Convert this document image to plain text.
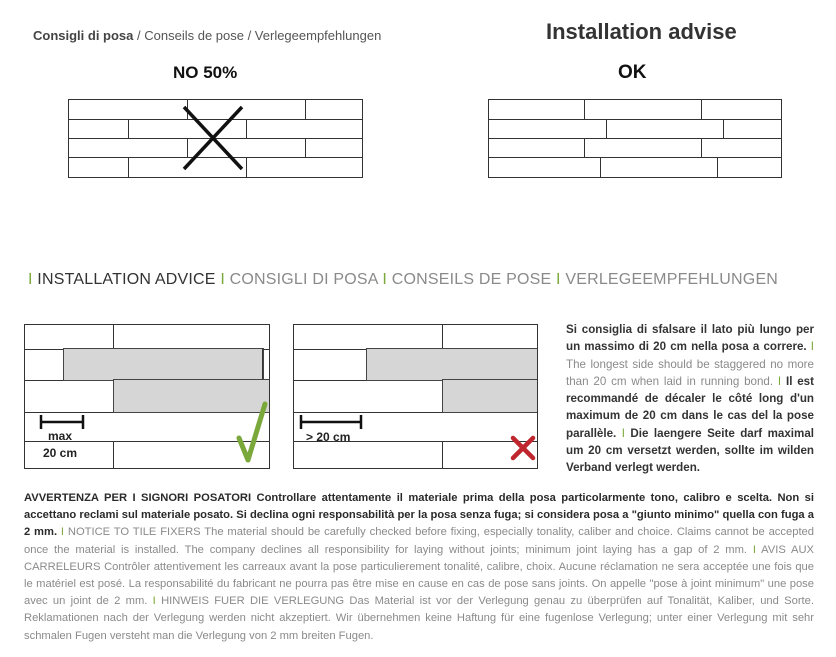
Consigli di posa / Conseils de pose / Verlegeempfehlungen	Installation advise
NO 50%	OK
I INSTALLATION ADVICE I CONSIGLI DI POSA I CONSEILS DE POSE I VERLEGEEMPFEHLUNGEN
max
20 cm
> 20 cm
Si consiglia di sfalsare il lato più lungo per un massimo di 20 cm nella posa a correre. I The longest side should be staggered no more than 20 cm when laid in running bond. I Il est recommandé de décaler le côté long d'un maximum de 20 cm dans le cas del la pose parallèle. I Die laengere Seite darf maximal um 20 cm versetzt werden, sollte im wilden Verband verlegt werden.
AVVERTENZA PER I SIGNORI POSATORI Controllare attentamente il materiale prima della posa particolarmente tono, calibro e scelta. Non si accettano reclami sul materiale posato. Si declina ogni responsabilità per la posa senza fuga; si considera posa a "giunto minimo" quella con fuga a 2 mm. I NOTICE TO TILE FIXERS The material should be carefully checked before fixing, especially tonality, caliber and choice. Claims cannot be accepted once the material is installed. The company declines all responsibility for laying without joints; minimum joint laying has a gap of 2 mm. I AVIS AUX CARRELEURS Contrôler attentivement les carreaux avant la pose particulierement tonalité, calibre, choix. Aucune réclamation ne sera acceptée une fois que le matériel est posé. La responsabilité du fabricant ne pourra pas être mise en cause en cas de pose sans joints. On appelle "pose à joint minimum" une pose avec un joint de 2 mm. I HINWEIS FUER DIE VERLEGUNG Das Material ist vor der Verlegung genau zu überprüfen auf Tonalität, Kaliber, und Sorte. Reklamationen nach der Verlegung werden nicht akzeptiert. Wir übernehmen keine Haftung für eine fugenlose Verlegung; unter einer Verlegung mit sehr schmalen Fugen versteht man die Verlegung von 2 mm breiten Fugen.
